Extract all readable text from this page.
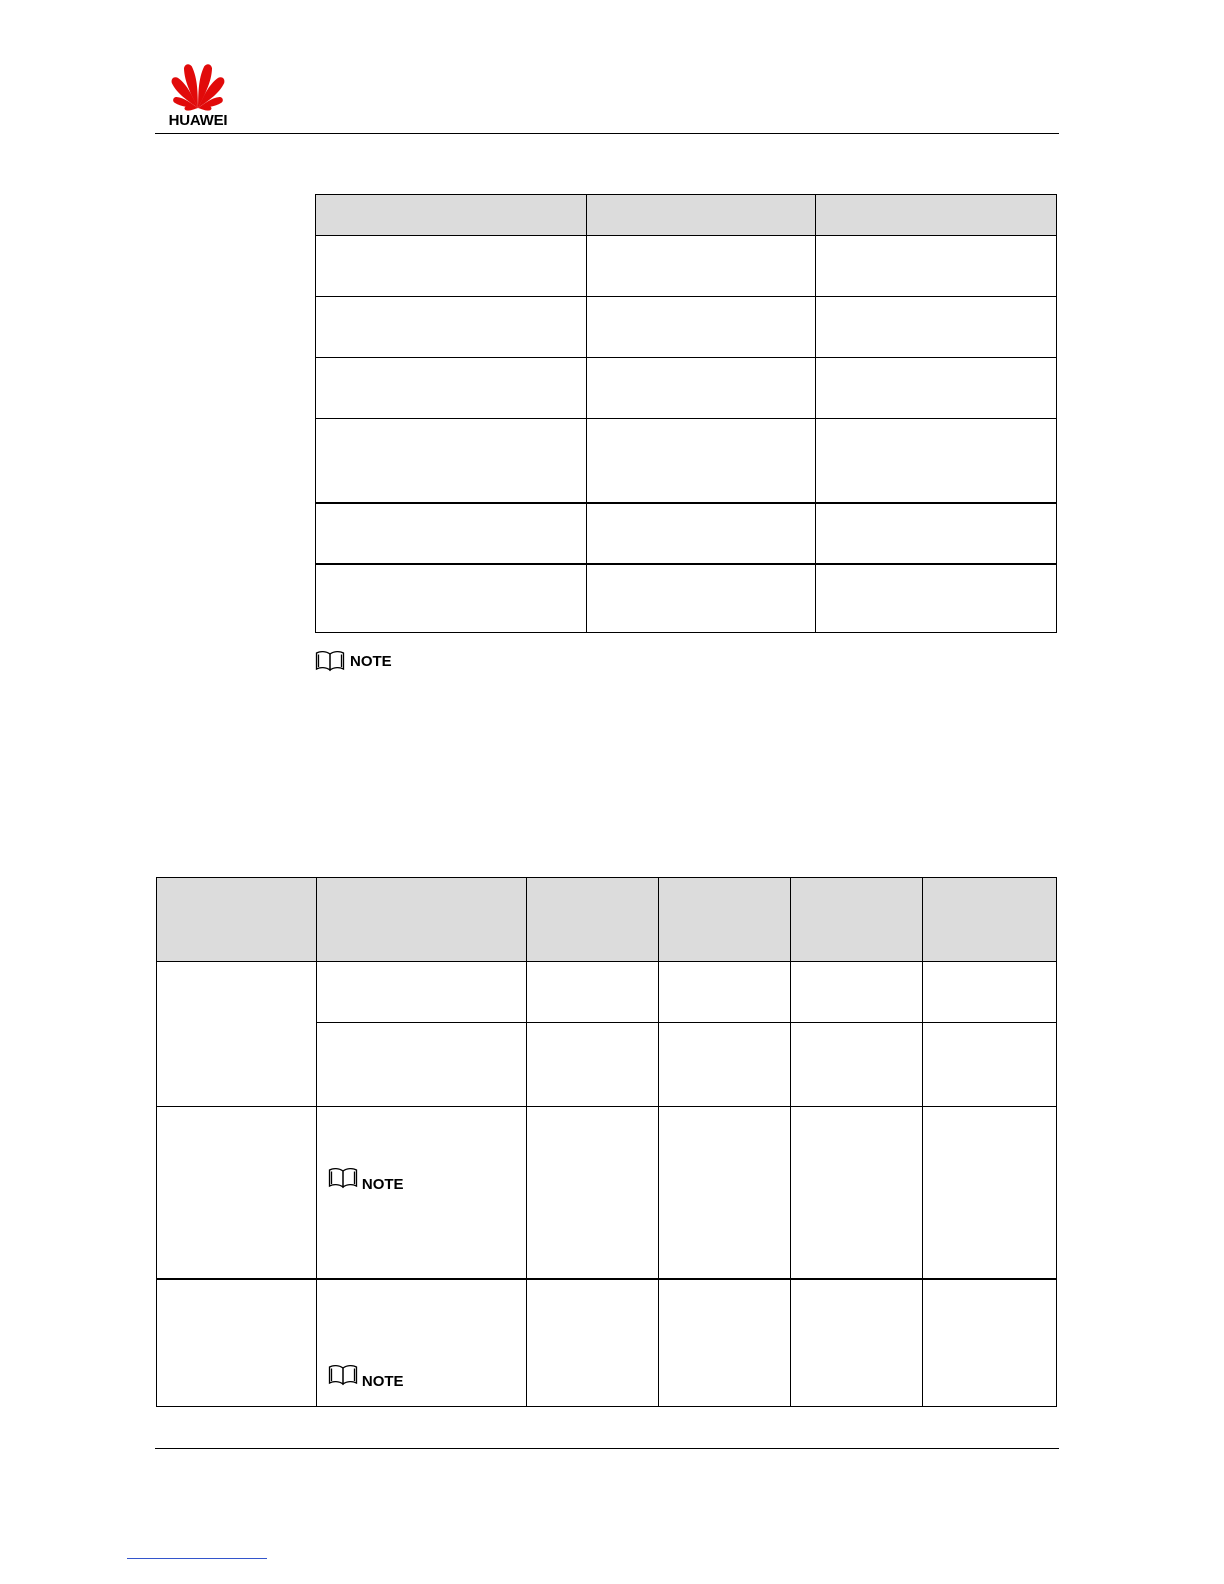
HUAWEI

NOTE

	NOTE				

	NOTE				
